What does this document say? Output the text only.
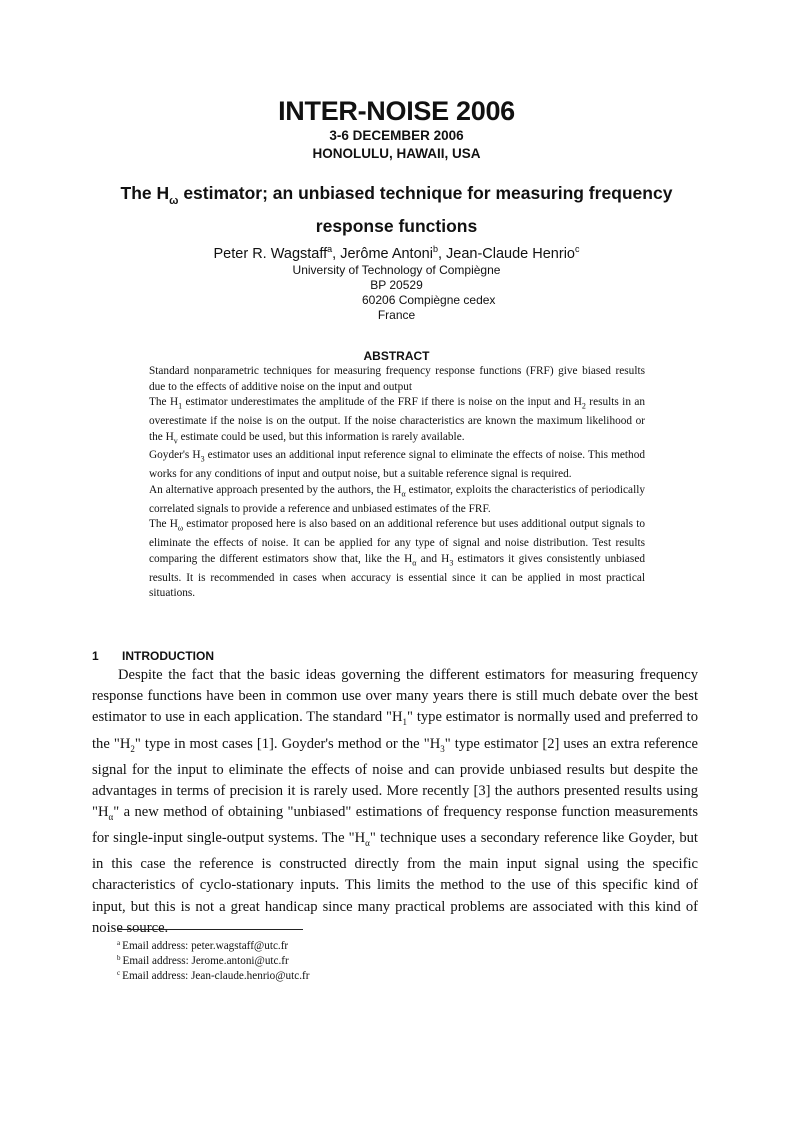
INTER-NOISE 2006
3-6 DECEMBER 2006
HONOLULU, HAWAII, USA
The $H_\omega$ estimator; an unbiased technique for measuring frequency response functions
Peter R. Wagstaff$^a$, Jerôme Antoni$^b$, Jean-Claude Henrio$^c$
University of Technology of Compiègne
BP 20529
60206 Compiègne cedex
France
ABSTRACT

Standard nonparametric techniques for measuring frequency response functions (FRF) give biased results due to the effects of additive noise on the input and output

The $H_1$ estimator underestimates the amplitude of the FRF if there is noise on the input and $H_2$ results in an overestimate if the noise is on the output. If the noise characteristics are known the maximum likelihood or the $H_v$ estimate could be used, but this information is rarely available.

Goyder's $H_3$ estimator uses an additional input reference signal to eliminate the effects of noise. This method works for any conditions of input and output noise, but a suitable reference signal is required.

An alternative approach presented by the authors, the $H_\alpha$ estimator, exploits the characteristics of periodically correlated signals to provide a reference and unbiased estimates of the FRF.

The $H_\omega$ estimator proposed here is also based on an additional reference but uses additional output signals to eliminate the effects of noise. It can be applied for any type of signal and noise distribution. Test results comparing the different estimators show that, like the $H_\alpha$ and $H_3$ estimators it gives consistently unbiased results. It is recommended in cases when accuracy is essential since it can be applied in most practical situations.

1 INTRODUCTION

Despite the fact that the basic ideas governing the different estimators for measuring frequency response functions have been in common use over many years there is still much debate over the best estimator to use in each application. The standard "$H_1$" type estimator is normally used and preferred to the "$H_2$" type in most cases [1]. Goyder's method or the "$H_3$" type estimator [2] uses an extra reference signal for the input to eliminate the effects of noise and can provide unbiased results but despite the advantages in terms of precision it is rarely used. More recently [3] the authors presented results using "$H_\alpha$" a new method of obtaining "unbiased" estimations of frequency response function measurements for single-input single-output systems. The "$H_\alpha$" technique uses a secondary reference like Goyder, but in this case the reference is constructed directly from the main input signal using the specific characteristics of cyclo-stationary inputs. This limits the method to the use of this specific kind of input, but this is not a great handicap since many practical problems are associated with this kind of noise source.

$^a$ Email address: peter.wagstaff@utc.fr
$^b$ Email address: Jerome.antoni@utc.fr
$^c$ Email address: Jean-claude.henrio@utc.fr
